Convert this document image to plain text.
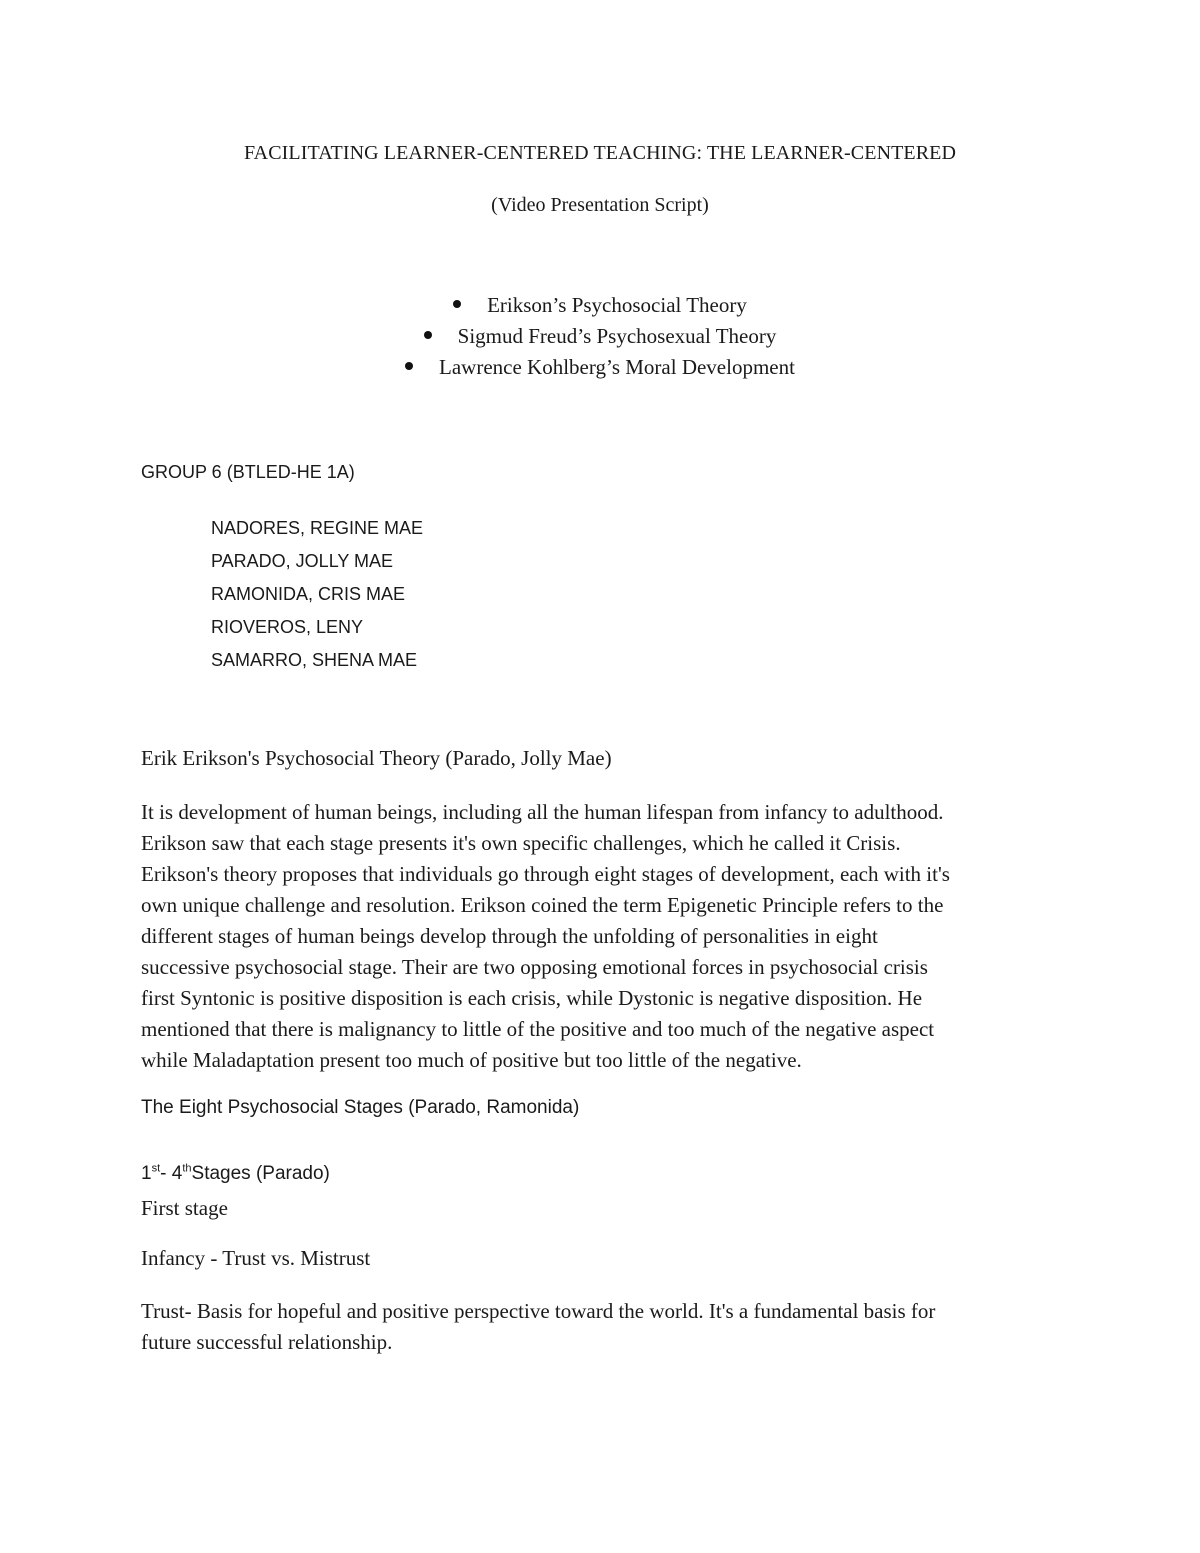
FACILITATING LEARNER-CENTERED TEACHING: THE LEARNER-CENTERED
(Video Presentation Script)
Erikson’s Psychosocial Theory
Sigmud Freud’s Psychosexual Theory
Lawrence Kohlberg’s Moral Development
GROUP 6 (BTLED-HE 1A)
NADORES, REGINE MAE
PARADO, JOLLY MAE
RAMONIDA, CRIS MAE
RIOVEROS, LENY
SAMARRO, SHENA MAE
Erik Erikson's Psychosocial Theory (Parado, Jolly Mae)

It is development of human beings, including all the human lifespan from infancy to adulthood.
Erikson saw that each stage presents it's own specific challenges, which he called it Crisis.
Erikson's theory proposes that individuals go through eight stages of development, each with it's
own unique challenge and resolution. Erikson coined the term Epigenetic Principle refers to the
different stages of human beings develop through the unfolding of personalities in eight
successive psychosocial stage. Their are two opposing emotional forces in psychosocial crisis
first Syntonic is positive disposition is each crisis, while Dystonic is negative disposition. He
mentioned that there is malignancy to little of the positive and too much of the negative aspect
while Maladaptation present too much of positive but too little of the negative.

The Eight Psychosocial Stages (Parado, Ramonida)
1st- 4thStages (Parado)
First stage
Infancy - Trust vs. Mistrust

Trust- Basis for hopeful and positive perspective toward the world. It's a fundamental basis for
future successful relationship.
